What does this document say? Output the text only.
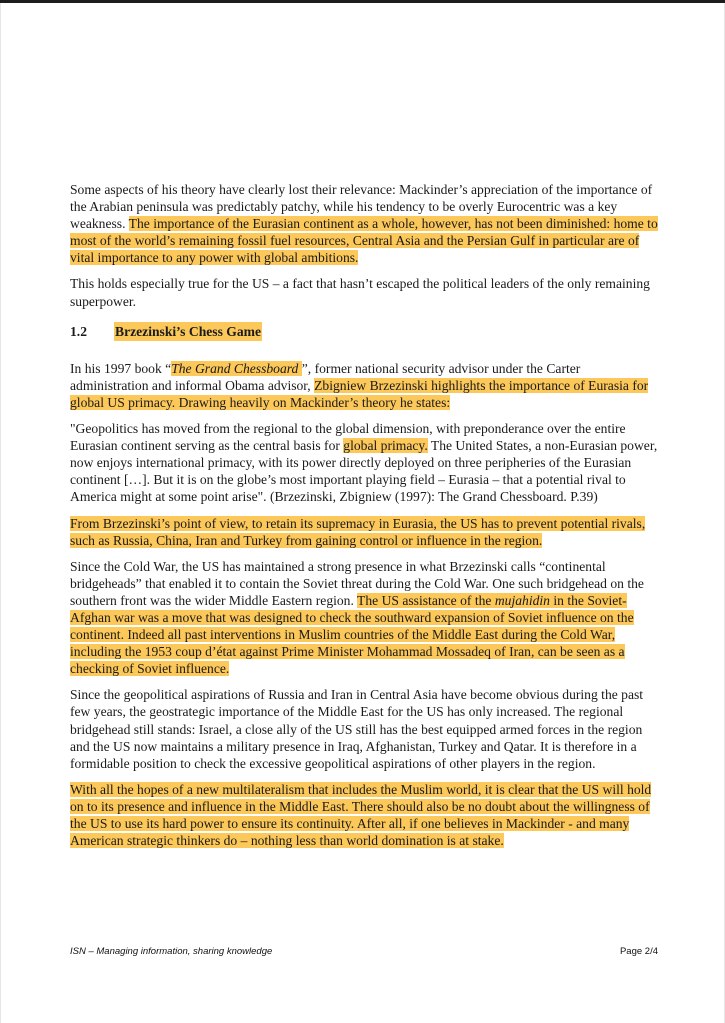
Some aspects of his theory have clearly lost their relevance: Mackinder’s appreciation of the importance of the Arabian peninsula was predictably patchy, while his tendency to be overly Eurocentric was a key weakness. The importance of the Eurasian continent as a whole, however, has not been diminished: home to most of the world’s remaining fossil fuel resources, Central Asia and the Persian Gulf in particular are of vital importance to any power with global ambitions.

This holds especially true for the US – a fact that hasn’t escaped the political leaders of the only remaining superpower.

1.2	Brzezinski’s Chess Game

In his 1997 book “The Grand Chessboard ”, former national security advisor under the Carter administration and informal Obama advisor, Zbigniew Brzezinski highlights the importance of Eurasia for global US primacy. Drawing heavily on Mackinder’s theory he states:

"Geopolitics has moved from the regional to the global dimension, with preponderance over the entire Eurasian continent serving as the central basis for global primacy. The United States, a non-Eurasian power, now enjoys international primacy, with its power directly deployed on three peripheries of the Eurasian continent […]. But it is on the globe’s most important playing field – Eurasia – that a potential rival to America might at some point arise". (Brzezinski, Zbigniew (1997): The Grand Chessboard. P.39)

From Brzezinski’s point of view, to retain its supremacy in Eurasia, the US has to prevent potential rivals, such as Russia, China, Iran and Turkey from gaining control or influence in the region.

Since the Cold War, the US has maintained a strong presence in what Brzezinski calls “continental bridgeheads” that enabled it to contain the Soviet threat during the Cold War. One such bridgehead on the southern front was the wider Middle Eastern region. The US assistance of the mujahidin in the Soviet- Afghan war was a move that was designed to check the southward expansion of Soviet influence on the continent. Indeed all past interventions in Muslim countries of the Middle East during the Cold War, including the 1953 coup d’état against Prime Minister Mohammad Mossadeq of Iran, can be seen as a checking of Soviet influence.

Since the geopolitical aspirations of Russia and Iran in Central Asia have become obvious during the past few years, the geostrategic importance of the Middle East for the US has only increased. The regional bridgehead still stands: Israel, a close ally of the US still has the best equipped armed forces in the region and the US now maintains a military presence in Iraq, Afghanistan, Turkey and Qatar. It is therefore in a formidable position to check the excessive geopolitical aspirations of other players in the region.

With all the hopes of a new multilateralism that includes the Muslim world, it is clear that the US will hold on to its presence and influence in the Middle East. There should also be no doubt about the willingness of the US to use its hard power to ensure its continuity. After all, if one believes in Mackinder - and many American strategic thinkers do – nothing less than world domination is at stake.

ISN – Managing information, sharing knowledge	Page 2/4
